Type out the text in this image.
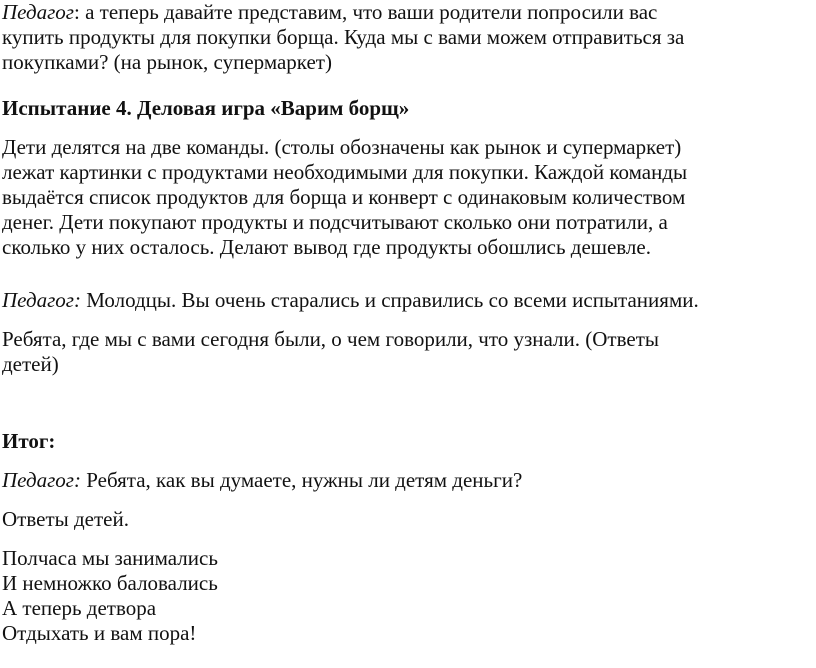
Педагог: а теперь давайте представим, что ваши родители попросили вас
купить продукты для покупки борща. Куда мы с вами можем отправиться за
покупками? (на рынок, супермаркет)

Испытание 4. Деловая игра «Варим борщ»

Дети делятся на две команды. (столы обозначены как рынок и супермаркет)
лежат картинки с продуктами необходимыми для покупки. Каждой команды
выдаётся список продуктов для борща и конверт с одинаковым количеством
денег. Дети покупают продукты и подсчитывают сколько они потратили, а
сколько у них осталось. Делают вывод где продукты обошлись дешевле.

Педагог: Молодцы. Вы очень старались и справились со всеми испытаниями.

Ребята, где мы с вами сегодня были, о чем говорили, что узнали. (Ответы
детей)

Итог:

Педагог: Ребята, как вы думаете, нужны ли детям деньги?

Ответы детей.

Полчаса мы занимались
И немножко баловались
А теперь детвора
Отдыхать и вам пора!
